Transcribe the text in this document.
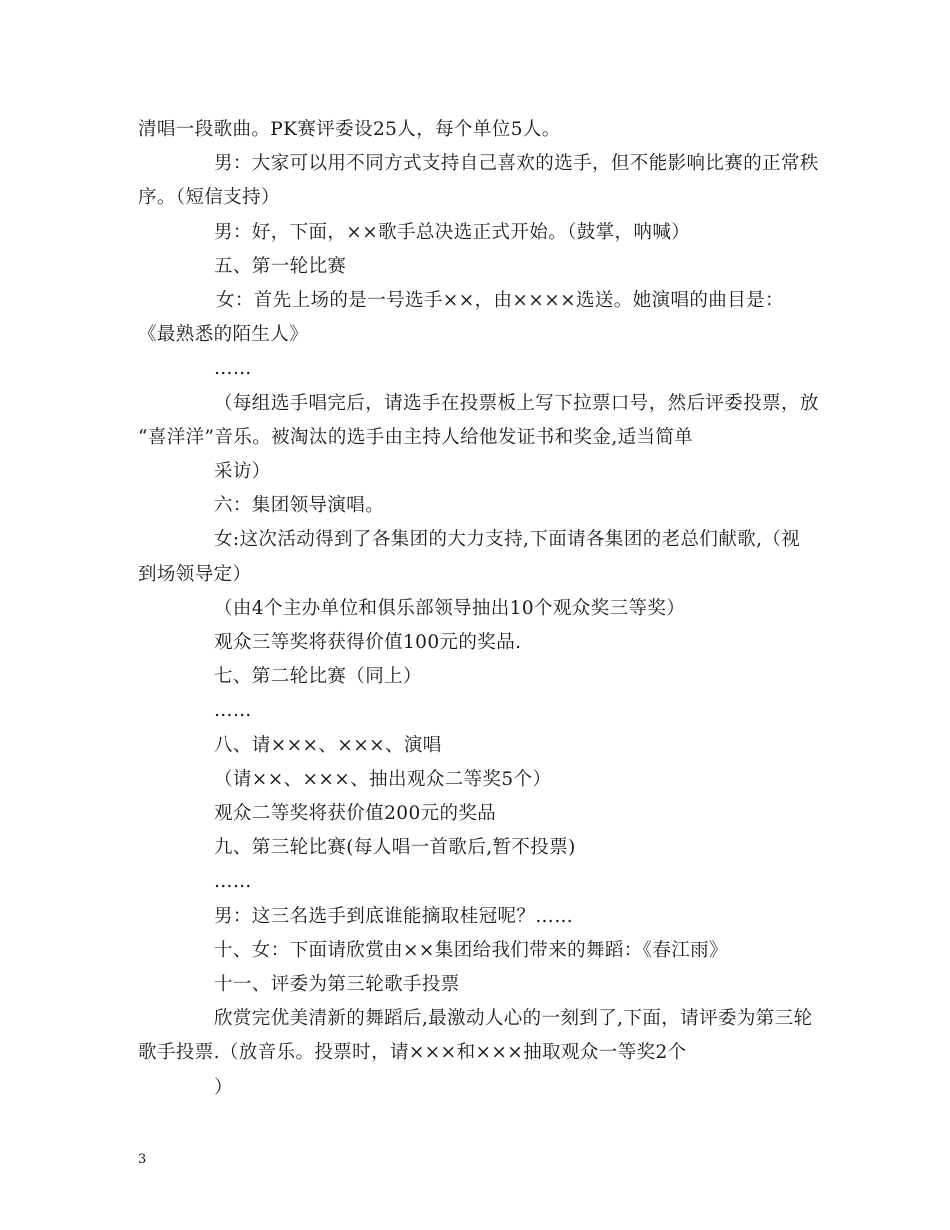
清唱一段歌曲。PK赛评委设25人，每个单位5人。
男：大家可以用不同方式支持自己喜欢的选手，但不能影响比赛的正常秩
序。（短信支持）
男：好，下面，××歌手总决选正式开始。（鼓掌，呐喊）
五、第一轮比赛
女：首先上场的是一号选手××，由××××选送。她演唱的曲目是：
《最熟悉的陌生人》
……
（每组选手唱完后，请选手在投票板上写下拉票口号，然后评委投票，放
“喜洋洋”音乐。被淘汰的选手由主持人给他发证书和奖金,适当简单
采访）
六：集团领导演唱。
女:这次活动得到了各集团的大力支持,下面请各集团的老总们献歌,（视
到场领导定）
（由4个主办单位和俱乐部领导抽出10个观众奖三等奖）
观众三等奖将获得价值100元的奖品.
七、第二轮比赛（同上）
……
八、请×××、×××、演唱
（请××、×××、抽出观众二等奖5个）
观众二等奖将获价值200元的奖品
九、第三轮比赛(每人唱一首歌后,暂不投票)
……
男：这三名选手到底谁能摘取桂冠呢？……
十、女：下面请欣赏由××集团给我们带来的舞蹈：《春江雨》
十一、评委为第三轮歌手投票
欣赏完优美清新的舞蹈后,最激动人心的一刻到了,下面，请评委为第三轮
歌手投票.（放音乐。投票时，请×××和×××抽取观众一等奖2个
）
3
